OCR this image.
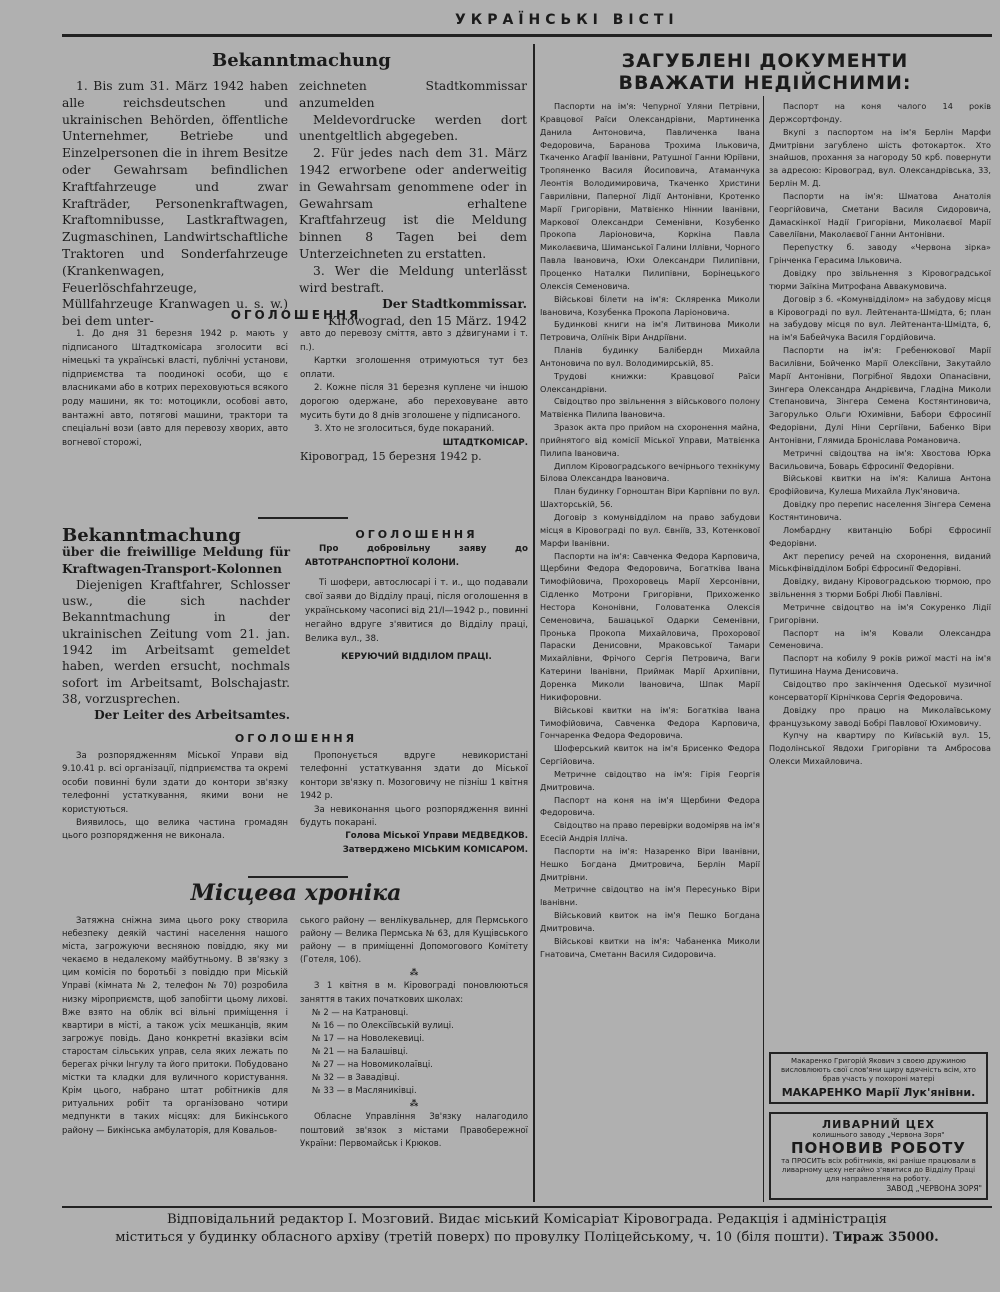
УКРАЇНСЬКІ ВІСТІ
Bekanntmachung

1. Bis zum 31. März 1942 haben alle reichsdeutschen und ukrainischen Behörden, öffentliche Unternehmer, Betriebe und Einzelpersonen die in ihrem Besitze oder Gewahrsam befindlichen Kraftfahrzeuge und zwar Krafträder, Personenkraftwagen, Kraftomnibusse, Lastkraftwagen, Zugmaschinen, Landwirtschaftliche Traktoren und Sonderfahrzeuge (Krankenwagen, Feuerlöschfahrzeuge, Müllfahrzeuge Kranwagen u. s. w.) bei dem unter-

zeichneten Stadtkommissar anzumelden

Meldevordrucke werden dort unentgeltlich abgegeben.

2. Für jedes nach dem 31. März 1942 erworbene oder anderweitig in Gewahrsam genommene oder in Gewahrsam erhaltene Kraftfahrzeug ist die Meldung binnen 8 Tagen bei dem Unterzeichneten zu erstatten.

3. Wer die Meldung unterlässt wird bestraft.

Der Stadtkommissar.

Kirowograd, den 15 März. 1942

ОГОЛОШЕННЯ

1. До дня 31 березня 1942 р. мають у підписаного Штадткомісара зголосити всі німецькі та українські власті, публічні установи, підприємства та поодинокі особи, що є власниками або в котрих переховуються всякого роду машини, як то: мотоцикли, особові авто, вантажні авто, потягові машини, трактори та спеціальні вози (авто для перевозу хворих, авто вогневої сторожі,

авто до перевозу сміття, авто з дźвигунами і т. п.).

Картки зголошення отримуються тут без оплати.

2. Кожне після 31 березня куплене чи іншою дорогою одержане, або переховуване авто мусить бути до 8 днів зголошене у підписаного.

3. Хто не зголоситься, буде покараний.

ШТАДТКОМІСАР.

Кіровоград, 15 березня 1942 р.

Bekanntmachung

über die freiwillige Meldung für Kraftwagen-Transport-Kolonnen

Diejenigen Kraftfahrer, Schlosser usw., die sich nachder Bekanntmachung in der ukrainischen Zeitung vom 21. jan. 1942 im Arbeitsamt gemeldet haben, werden ersucht, nochmals sofort im Arbeitsamt, Bolschajastr. 38, vorzusprechen.

Der Leiter des Arbeitsamtes.

ОГОЛОШЕННЯ

Про добровільну заяву до АВТОТРАНСПОРТНОЇ КОЛОНИ.

Ті шофери, автослюсарі і т. и., що подавали свої заяви до Відділу праці, після оголошення в українському часописі від 21/І—1942 р., повинні негайно вдруге з'явитися до Відділу праці, Велика вул., 38.

КЕРУЮЧИЙ ВІДДІЛОМ ПРАЦІ.

ОГОЛОШЕННЯ

За розпорядженням Міської Управи від 9.10.41 р. всі організації, підприємства та окремі особи повинні були здати до контори зв'язку телефонні устаткування, якими вони не користуються.

Виявилось, що велика частина громадян цього розпорядження не виконала.

Пропонується вдруге невикористані телефонні устаткування здати до Міської контори зв'язку п. Мозоговичу не пізніш 1 квітня 1942 р.

За невиконання цього розпорядження винні будуть покарані.

Голова Міської Управи МЕДВЕДКОВ.

Затверджено МІСЬКИМ КОМІСАРОМ.

Місцева хроніка

Затяжна сніжна зима цього року створила небезпеку деякій частині населення нашого міста, загрожуючи весняною повіддю, яку ми чекаємо в недалекому майбутньому. В зв'язку з цим комісія по боротьбі з повіддю при Міській Управі (кімната № 2, телефон № 70) розробила низку міроприємств, щоб запобігти цьому лихові. Вже взято на облік всі вільні приміщення і квартири в місті, а також усіх мешканців, яким загрожує повідь. Дано конкретні вказівки всім старостам сільських управ, села яких лежать по берегах річки Інгулу та його притоки. Побудовано містки та кладки для вуличного користування. Крім цього, набрано штат робітників для ритуальних робіт та організовано чотири медпункти в таких місцях: для Бикінського району — Бикінська амбулаторія, для Ковальов-

ського району — венлікувальнер, для Пермського району — Велика Пермська № 63, для Кущівського району — в приміщенні Допомогового Комітету (Готеля, 106).

⁂

З 1 квітня в м. Кіровограді поновлюються заняття в таких початкових школах:

№ 2 — на Катрановці.
№ 16 — по Олексіївській вулиці.
№ 17 — на Новолекевиці.
№ 21 — на Балашівці.
№ 27 — на Новомиколаївці.
№ 32 — в Завадівці.
№ 33 — в Масляниківці.

⁂

Обласне Управління Зв'язку налагодило поштовий зв'язок з містами Правобережної України: Первомайськ і Крюков.

ЗАГУБЛЕНІ ДОКУМЕНТИ
ВВАЖАТИ НЕДІЙСНИМИ:

Паспорти на ім'я: Чепурної Уляни Петрівни, Кравцової Раїси Олександрівни, Мартиненка Данила Антоновича, Павличенка Івана Федоровича, Баранова Трохима Ільковича, Ткаченко Агафії Іванівни, Ратушної Ганни Юріївни, Тропяненко Василя Йосиповича, Атаманчука Леонтія Володимировича, Ткаченко Христини Гаврилівни, Паперної Лідії Антонівни, Кротенко Марії Григорівни, Матвієнко Ніннии Іванівни, Маркової Олександри Семенівни, Козубенко Прокопа Ларіоновича, Коркіна Павла Миколаєвича, Шиманської Галини Іллівни, Чорного Павла Івановича, Юхи Олександри Пилипівни, Проценко Наталки Пилипівни, Борінецького Олексія Семеновича.

Військові білети на ім'я: Скляренка Миколи Івановича, Козубенка Прокопа Ларіоновича.

Будинкові книги на ім'я Литвинова Миколи Петровича, Оліїнік Віри Андріївни.

Планів будинку Балібердн Михайла Антоновича по вул. Володимирській, 85.

Трудові книжки: Кравцової Раїси Олександрівни.

Свідоцтво про звільнення з військового полону Матвієнка Пилипа Івановича.

Зразок акта про прийом на схоронення майна, прийнятого від комісії Міської Управи, Матвієнка Пилипа Івановича.

Диплом Кіровоградського вечірнього технікуму Білова Олександра Івановича.

План будинку Горноштан Віри Карпівни по вул. Шахторській, 56.

Договір з комунвідділом на право забудови місця в Кіровограді по вул. Євніїв, 33, Котенкової Марфи Іванівни.

Паспорти на ім'я: Савченка Федора Карповича, Щербини Федора Федоровича, Богатківа Івана Тимофійовича, Прохоровець Марії Херсонівни, Сідленко Мотрони Григорівни, Прихоженко Нестора Кононівни, Головатенка Олексія Семеновича, Башацької Одарки Семенівни, Пронька Прокопа Михайловича, Прохорової Параски Денисовни, Мраковської Тамари Михайлівни, Фрічого Сергія Петровича, Ваги Катерини Іванівни, Приймак Марії Архипівни, Доренка Миколи Івановича, Шпак Марії Никифоровни.

Військові квитки на ім'я: Богатківа Івана Тимофійовича, Савченка Федора Карповича, Гончаренка Федора Федоровича.

Шоферський квиток на ім'я Брисенко Федора Сергійовича.

Метричне свідоцтво на ім'я: Гірія Георгія Дмитровича.

Паспорт на коня на ім'я Щербини Федора Федоровича.

Свідоцтво на право перевірки водоміряв на ім'я Есесій Андрія Ілліча.

Паспорти на ім'я: Назаренко Віри Іванівни, Нешко Богдана Дмитровича, Берлін Марії Дмитрівни.

Метричне свідоцтво на ім'я Пересунько Віри Іванівни.

Військовий квиток на ім'я Пешко Богдана Дмитровича.

Військові квитки на ім'я: Чабаненка Миколи Гнатовича, Сметанн Василя Сидоровича.

Паспорт на коня чалого 14 років Держсортфонду.

Вкупі з паспортом на ім'я Берлін Марфи Дмитрівни загублено шість фотокарток. Хто знайшов, прохання за нагороду 50 крб. повернути за адресою: Кіровоград, вул. Олександрівська, 33, Берлін М. Д.

Паспорти на ім'я: Шматова Анатолія Георгійовича, Сметани Василя Сидоровича, Дамаскінкої Надії Григорівни, Миколаєвої Марії Савеліївни, Маколаєвої Ганни Антонівни.

Перепустку б. заводу «Червона зірка» Грінченка Герасима Ільковича.

Довідку про звільнення з Кіровоградської тюрми Заїкіна Митрофана Аввакумовича.

Договір з б. «Комунвідділом» на забудову місця в Кіровограді по вул. Лейтенанта-Шмідта, 6; план на забудову місця по вул. Лейтенанта-Шмідта, 6, на ім'я Бабейчука Василя Гордійовича.

Паспорти на ім'я: Гребенюкової Марії Василівни, Бойченко Марії Олексіївни, Закутайло Марії Антонівни, Погрібної Явдохи Опанасівни, Зингера Олександра Андрієвича, Гладіна Миколи Степановича, Зінгера Семена Костянтиновича, Загорулько Ольги Юхимівни, Бабори Єфросинії Федорівни, Дулі Ніни Сергіївни, Бабенко Віри Антонівни, Глямида Броніслава Романовича.

Метричні свідоцтва на ім'я: Хвостова Юрка Васильовича, Боварь Єфросинії Федорівни.

Військові квитки на ім'я: Калиша Антона Єрофійовича, Кулеша Михайла Лук'яновича.

Довідку про перепис населення Зінгера Семена Костянтиновича.

Ломбардну квитанцію Бобрі Єфросинії Федорівни.

Акт перепису речей на схоронення, виданий Міськфінвідділом Бобрі Єфросинії Федорівні.

Довідку, видану Кіровоградською тюрмою, про звільнення з тюрми Бобрі Любі Павлівні.

Метричне свідоцтво на ім'я Сокуренко Лідії Григорівни.

Паспорт на ім'я Ковали Олександра Семеновича.

Паспорт на кобилу 9 років рижої масті на ім'я Путишина Наума Денисовича.

Свідоцтво про закінчення Одеської музичної консерваторії Кірнічкова Сергія Федоровича.

Довідку про працю на Миколаївському французькому заводі Бобрі Павлової Юхимовичу.

Купчу на квартиру по Київській вул. 15, Подолінської Явдохи Григорівни та Амбросова Олекси Михайловича.

Макаренко Григорій Якович з своєю дружиною висловлюють свої слов'яни щиру вдячність всім, хто брав участь у похороні матері

МАКАРЕНКО Марії Лук'янівни.

ЛИВАРНИЙ ЦЕХ

колишнього заводу „Червона Зоря"

ПОНОВИВ РОБОТУ

та ПРОСИТЬ всіх робітників, які раніше працювали в ливарному цеху негайно з'явитися до Відділу Праці для направлення на роботу.

ЗАВОД „ЧЕРВОНА ЗОРЯ"

Відповідальний редактор І. Мозговий. Видає міський Комісаріат Кіровограда. Редакція і адміністрація
міститься у будинку обласного архіву (третій поверх) по провулку Поліцейському, ч. 10 (біля пошти). Тираж 35000.
